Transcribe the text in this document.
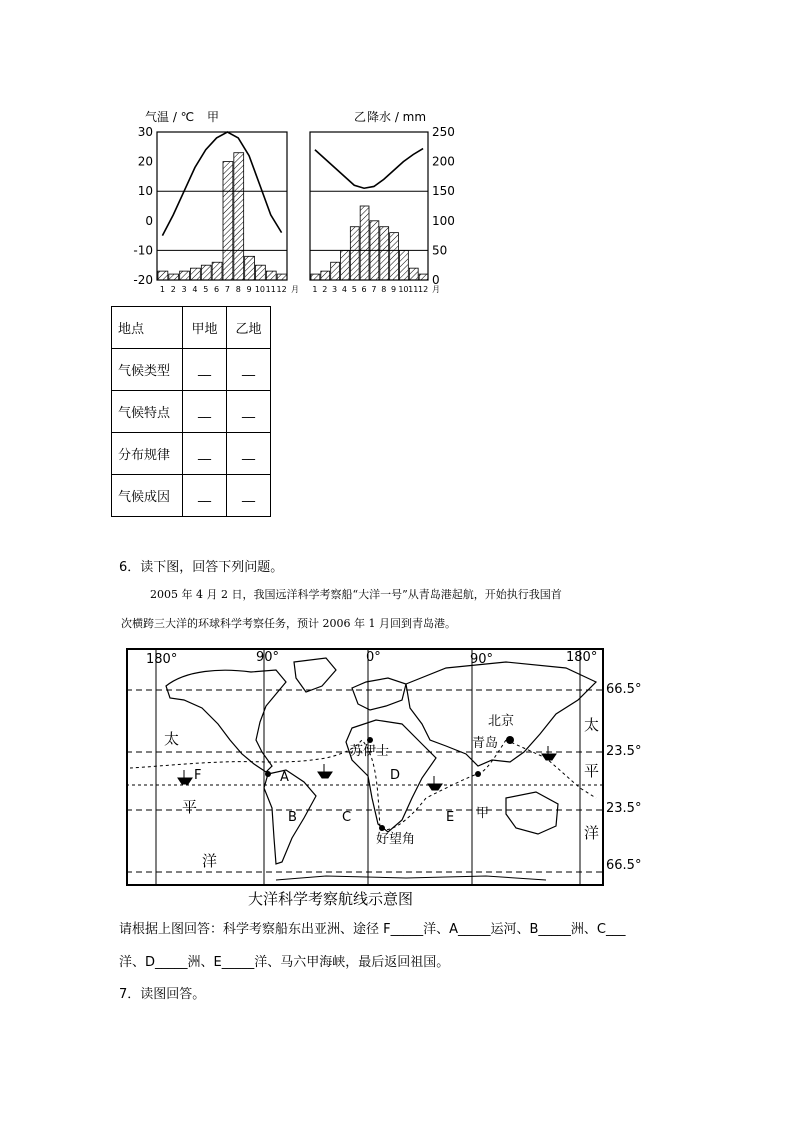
气温 / ℃ 甲
30
20
10
0
-10
-20
1 2 3 4 5 6 7 8 9 10 11 12 月
乙 降水 / mm
250
200
150
100
50
0
1 2 3 4 5 6 7 8 9 10 11 12 月
地点	甲地	乙地
气候类型	__	__
气候特点	__	__
分布规律	__	__
气候成因	__	__
6．读下图，回答下列问题。
2005 年 4 月 2 日，我国远洋科学考察船“大洋一号”从青岛港起航，开始执行我国首
次横跨三大洋的环球科学考察任务，预计 2006 年 1 月回到青岛港。
180°	90°	0°	90°	180°
北京
青岛
苏伊士
好望角
A
B	C
D
E
F
甲
太
平
洋
太
平
洋
66.5°
23.5°
23.5°
66.5°
大洋科学考察航线示意图
请根据上图回答：科学考察船东出亚洲、途径 F_____洋、A_____运河、B_____洲、C___
洋、D_____洲、E_____洋、马六甲海峡，最后返回祖国。
7．读图回答。
